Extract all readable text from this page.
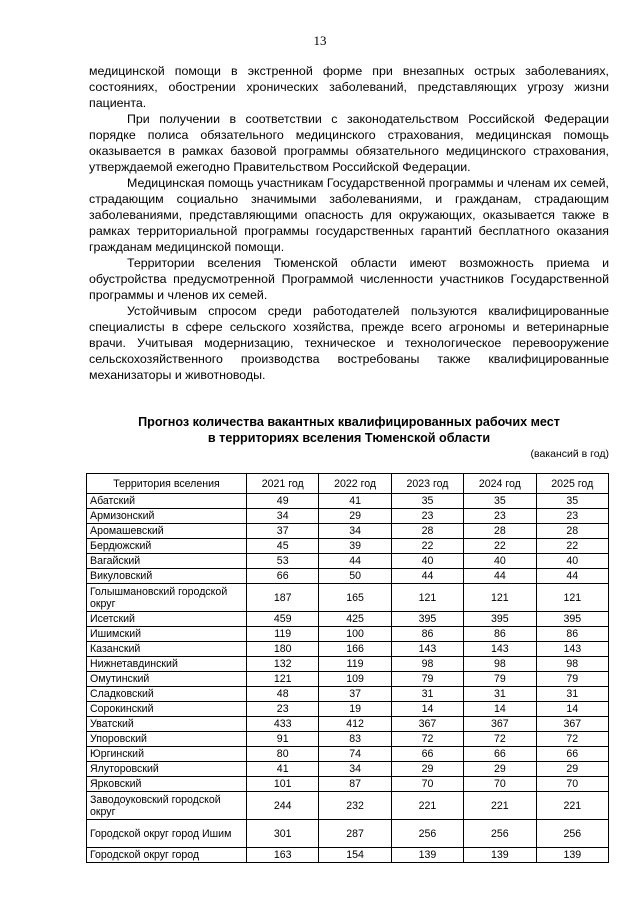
13

медицинской помощи в экстренной форме при внезапных острых заболеваниях, состояниях, обострении хронических заболеваний, представляющих угрозу жизни пациента.

При получении в соответствии с законодательством Российской Федерации порядке полиса обязательного медицинского страхования, медицинская помощь оказывается в рамках базовой программы обязательного медицинского страхования, утверждаемой ежегодно Правительством Российской Федерации.

Медицинская помощь участникам Государственной программы и членам их семей, страдающим социально значимыми заболеваниями, и гражданам, страдающим заболеваниями, представляющими опасность для окружающих, оказывается также в рамках территориальной программы государственных гарантий бесплатного оказания гражданам медицинской помощи.

Территории вселения Тюменской области имеют возможность приема и обустройства предусмотренной Программой численности участников Государственной программы и членов их семей.

Устойчивым спросом среди работодателей пользуются квалифицированные специалисты в сфере сельского хозяйства, прежде всего агрономы и ветеринарные врачи. Учитывая модернизацию, техническое и технологическое перевооружение сельскохозяйственного производства востребованы также квалифицированные механизаторы и животноводы.

Прогноз количества вакантных квалифицированных рабочих мест
в территориях вселения Тюменской области
(вакансий в год)
Территория вселения	2021 год	2022 год	2023 год	2024 год	2025 год
Абатский	49	41	35	35	35
Армизонский	34	29	23	23	23
Аромашевский	37	34	28	28	28
Бердюжский	45	39	22	22	22
Вагайский	53	44	40	40	40
Викуловский	66	50	44	44	44
Голышмановский городской округ	187	165	121	121	121
Исетский	459	425	395	395	395
Ишимский	119	100	86	86	86
Казанский	180	166	143	143	143
Нижнетавдинский	132	119	98	98	98
Омутинский	121	109	79	79	79
Сладковский	48	37	31	31	31
Сорокинский	23	19	14	14	14
Уватский	433	412	367	367	367
Упоровский	91	83	72	72	72
Юргинский	80	74	66	66	66
Ялуторовский	41	34	29	29	29
Ярковский	101	87	70	70	70
Заводоуковский городской округ	244	232	221	221	221
Городской округ город Ишим	301	287	256	256	256
Городской округ город	163	154	139	139	139
